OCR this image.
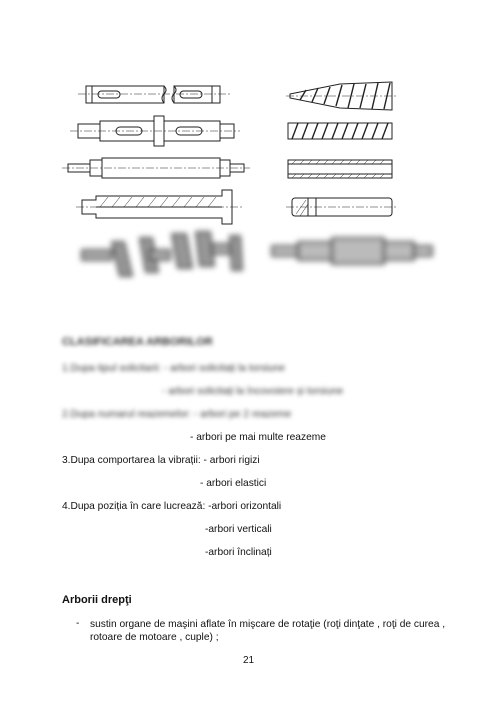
CLASIFICAREA ARBORILOR
1.Dupa tipul solicitarii: - arbori solicitați la torsiune
- arbori solicitați la încovoiere și torsiune
2.Dupa numarul reazemelor: - arbori pe 2 reazeme
- arbori pe mai multe reazeme
3.Dupa comportarea la vibrații: - arbori rigizi
- arbori elastici
4.Dupa poziția în care lucrează: -arbori orizontali
-arbori verticali
-arbori înclinați
Arborii drepţi
- sustin organe de maşini aflate în mişcare de rotaţie (roţi dinţate , roţi de curea , rotoare de motoare , cuple) ;
21
